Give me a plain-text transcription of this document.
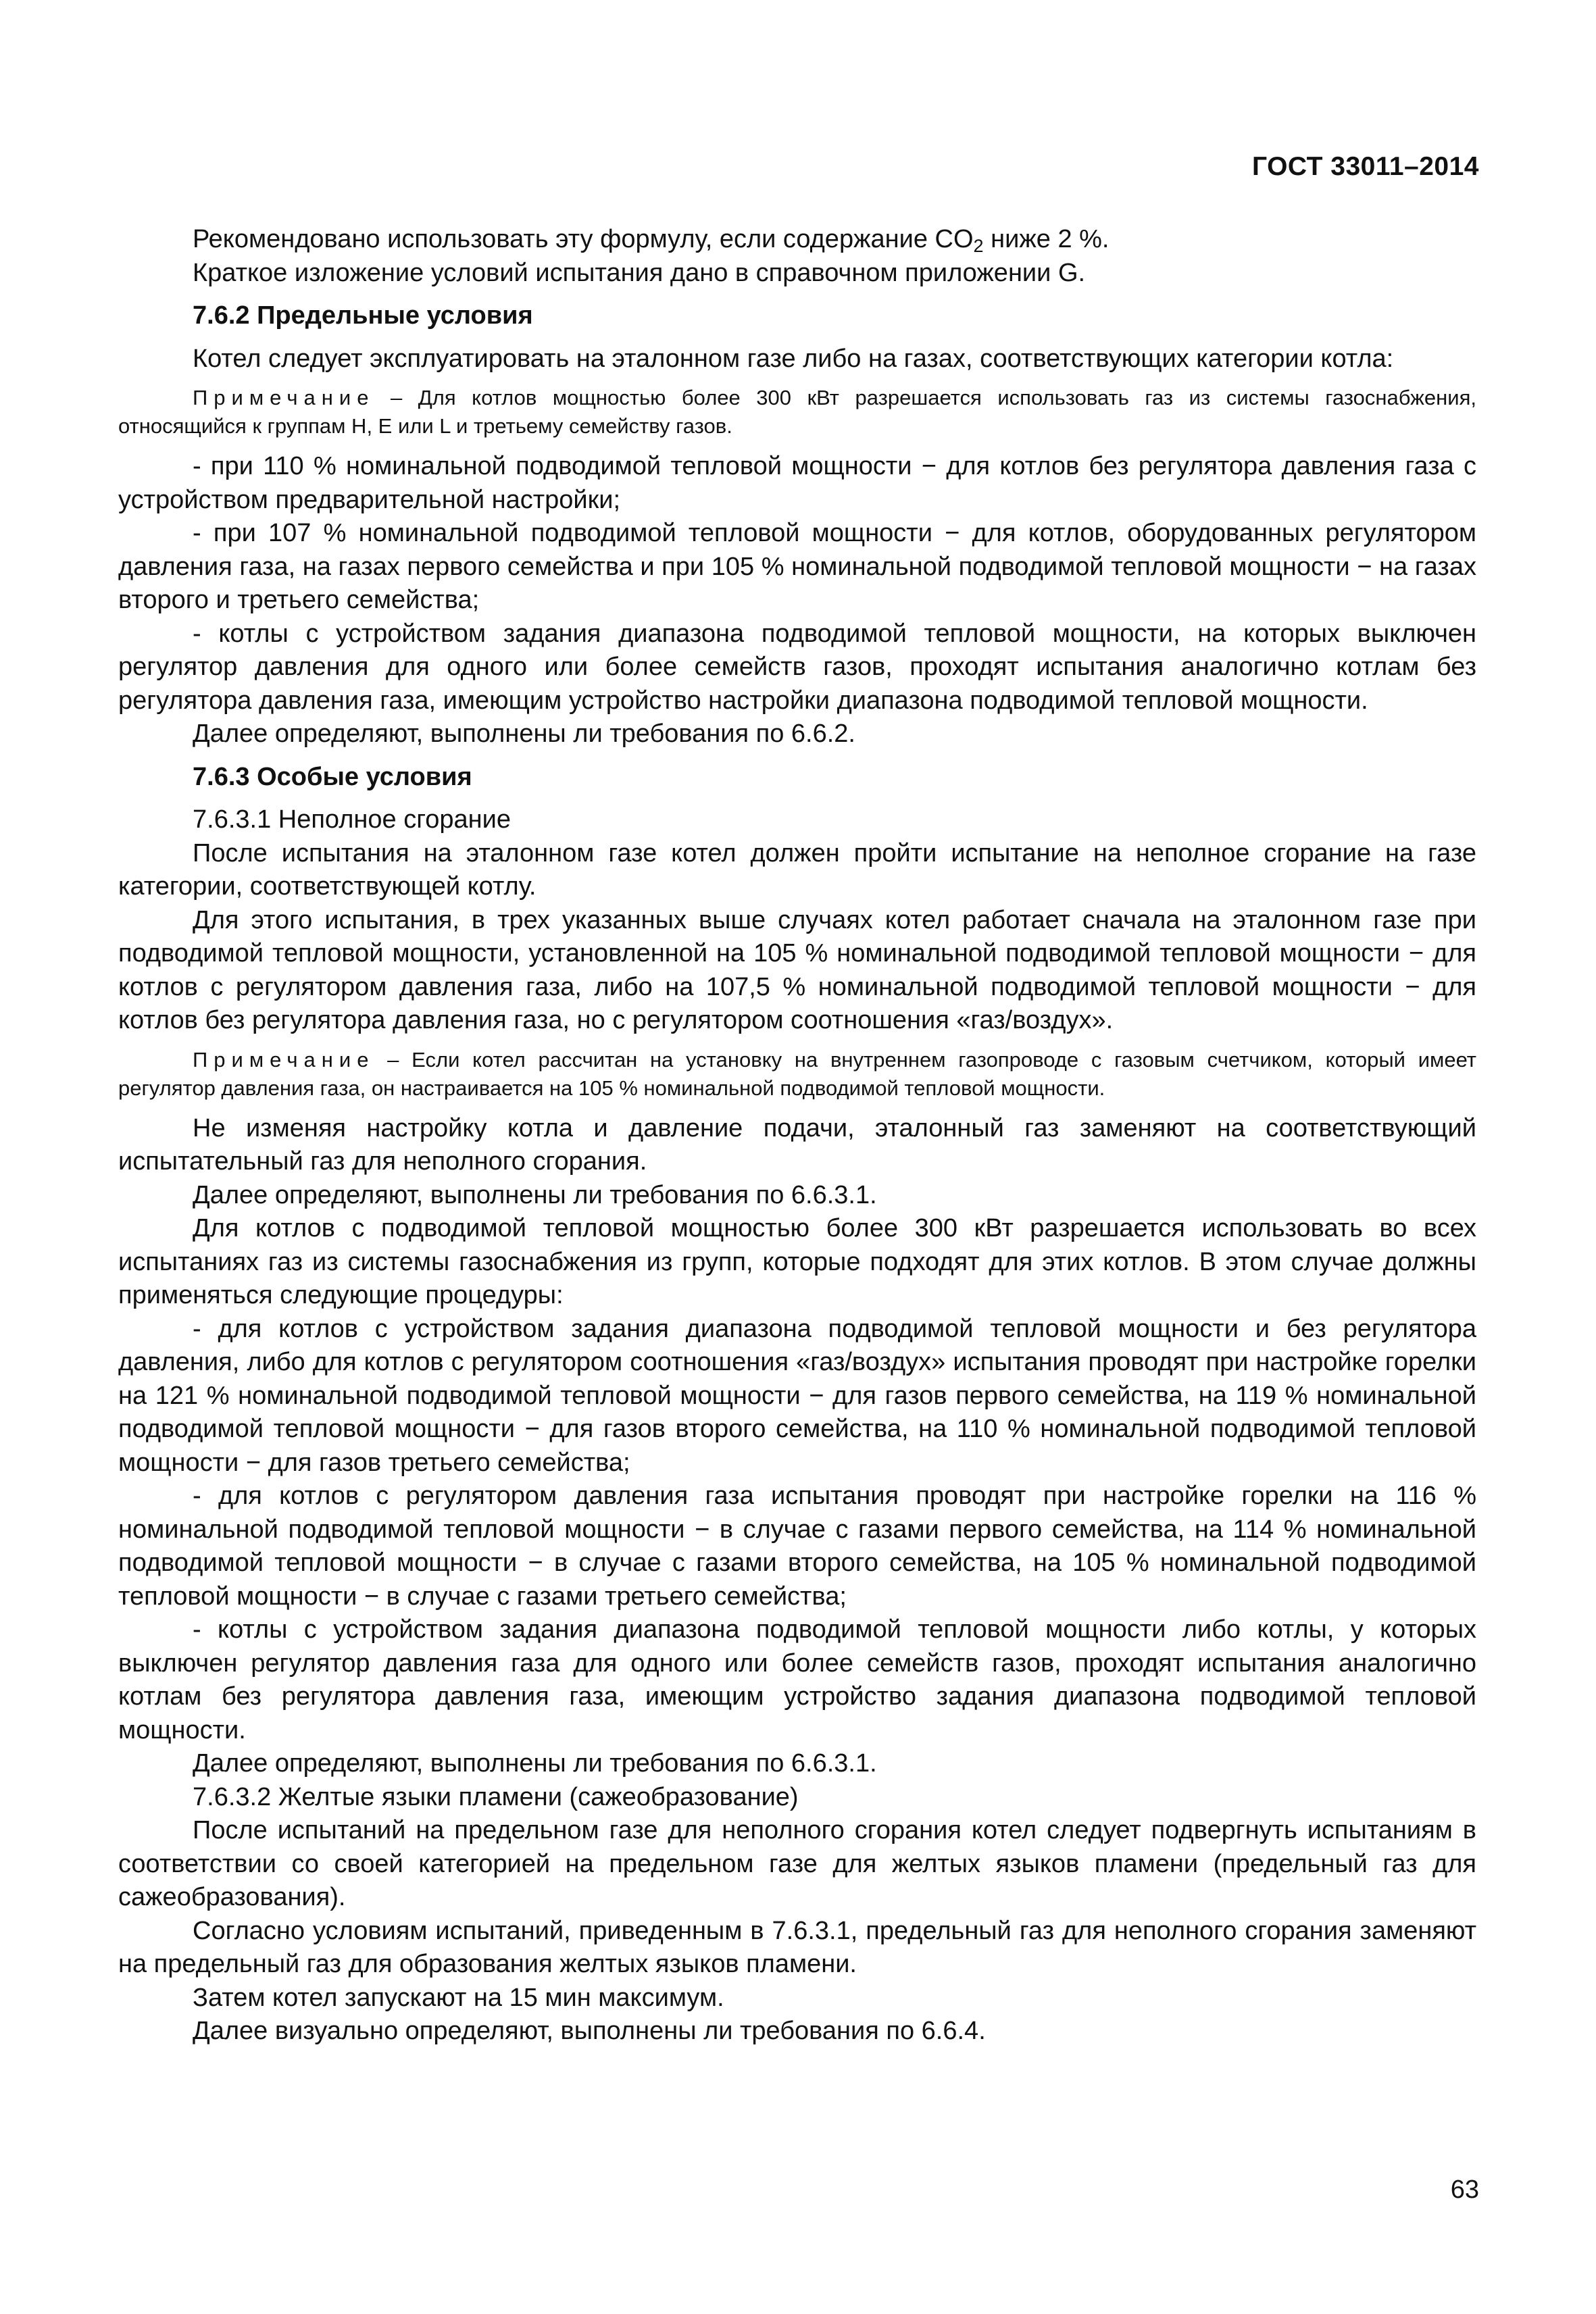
ГОСТ 33011–2014

Рекомендовано использовать эту формулу, если содержание $CO_2$ ниже 2 %.

Краткое изложение условий испытания дано в справочном приложении G.

7.6.2 Предельные условия

Котел следует эксплуатировать на эталонном газе либо на газах, соответствующих категории котла:

Примечание – Для котлов мощностью более 300 кВт разрешается использовать газ из системы газоснабжения, относящийся к группам H, E или L и третьему семейству газов.

- при 110 % номинальной подводимой тепловой мощности − для котлов без регулятора давления газа с устройством предварительной настройки;

- при 107 % номинальной подводимой тепловой мощности − для котлов, оборудованных регулятором давления газа, на газах первого семейства и при 105 % номинальной подводимой тепловой мощности − на газах второго и третьего семейства;

- котлы с устройством задания диапазона подводимой тепловой мощности, на которых выключен регулятор давления для одного или более семейств газов, проходят испытания аналогично котлам без регулятора давления газа, имеющим устройство настройки диапазона подводимой тепловой мощности.

Далее определяют, выполнены ли требования по 6.6.2.

7.6.3 Особые условия

7.6.3.1 Неполное сгорание

После испытания на эталонном газе котел должен пройти испытание на неполное сгорание на газе категории, соответствующей котлу.

Для этого испытания, в трех указанных выше случаях котел работает сначала на эталонном газе при подводимой тепловой мощности, установленной на 105 % номинальной подводимой тепловой мощности − для котлов с регулятором давления газа, либо на 107,5 % номинальной подводимой тепловой мощности − для котлов без регулятора давления газа, но с регулятором соотношения «газ/воздух».

Примечание – Если котел рассчитан на установку на внутреннем газопроводе с газовым счетчиком, который имеет регулятор давления газа, он настраивается на 105 % номинальной подводимой тепловой мощности.

Не изменяя настройку котла и давление подачи, эталонный газ заменяют на соответствующий испытательный газ для неполного сгорания.

Далее определяют, выполнены ли требования по 6.6.3.1.

Для котлов с подводимой тепловой мощностью более 300 кВт разрешается использовать во всех испытаниях газ из системы газоснабжения из групп, которые подходят для этих котлов. В этом случае должны применяться следующие процедуры:

- для котлов с устройством задания диапазона подводимой тепловой мощности и без регулятора давления, либо для котлов с регулятором соотношения «газ/воздух» испытания проводят при настройке горелки на 121 % номинальной подводимой тепловой мощности − для газов первого семейства, на 119 % номинальной подводимой тепловой мощности − для газов второго семейства, на 110 % номинальной подводимой тепловой мощности − для газов третьего семейства;

- для котлов с регулятором давления газа испытания проводят при настройке горелки на 116 % номинальной подводимой тепловой мощности − в случае с газами первого семейства, на 114 % номинальной подводимой тепловой мощности − в случае с газами второго семейства, на 105 % номинальной подводимой тепловой мощности − в случае с газами третьего семейства;

- котлы с устройством задания диапазона подводимой тепловой мощности либо котлы, у которых выключен регулятор давления газа для одного или более семейств газов, проходят испытания аналогично котлам без регулятора давления газа, имеющим устройство задания диапазона подводимой тепловой мощности.

Далее определяют, выполнены ли требования по 6.6.3.1.

7.6.3.2 Желтые языки пламени (сажеобразование)

После испытаний на предельном газе для неполного сгорания котел следует подвергнуть испытаниям в соответствии со своей категорией на предельном газе для желтых языков пламени (предельный газ для сажеобразования).

Согласно условиям испытаний, приведенным в 7.6.3.1, предельный газ для неполного сгорания заменяют на предельный газ для образования желтых языков пламени.

Затем котел запускают на 15 мин максимум.

Далее визуально определяют, выполнены ли требования по 6.6.4.

63
